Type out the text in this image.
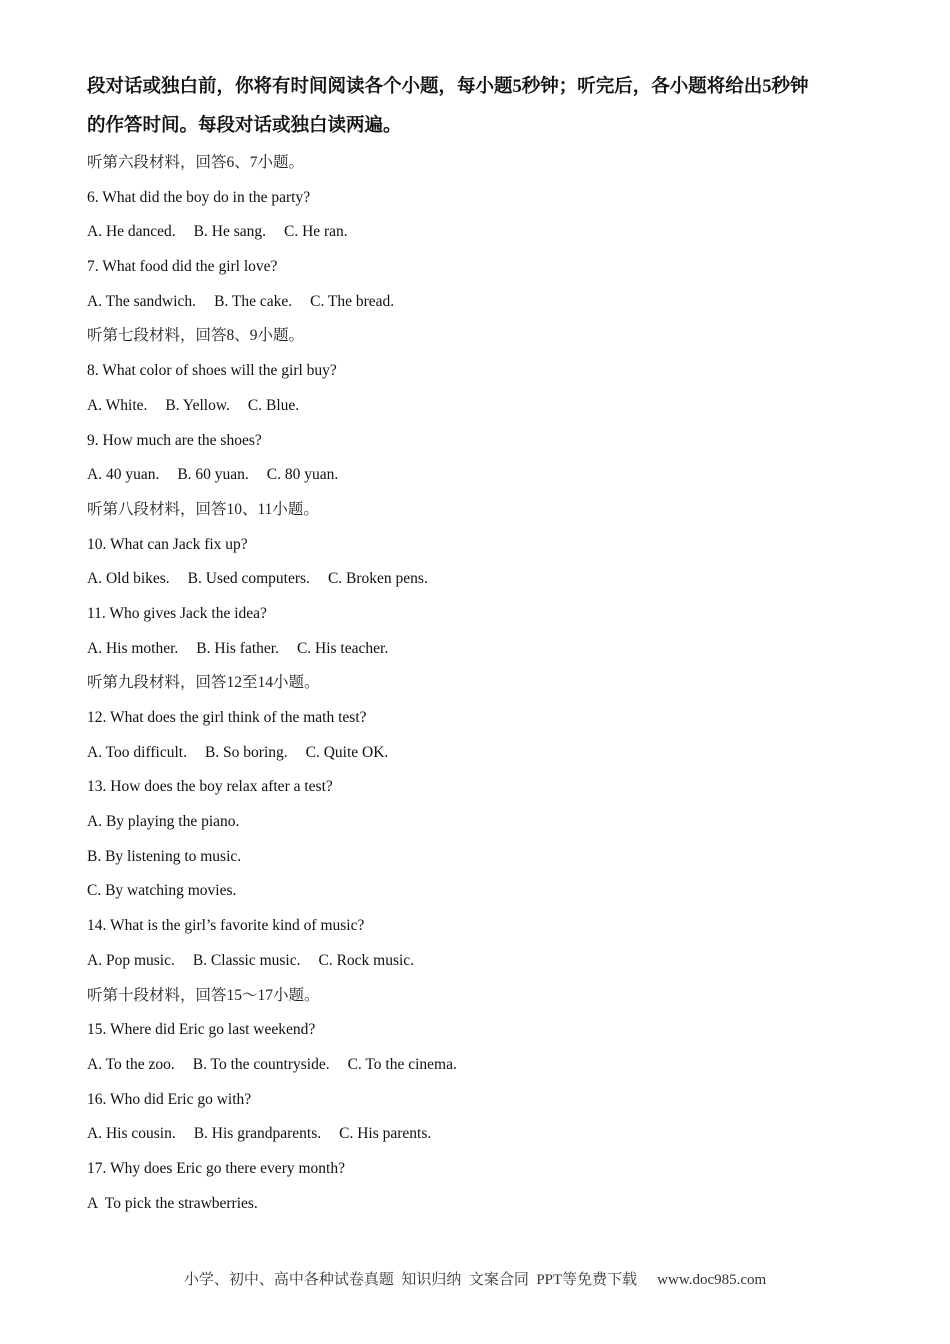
段对话或独白前，你将有时间阅读各个小题，每小题5秒钟；听完后，各小题将给出5秒钟
的作答时间。每段对话或独白读两遍。

听第六段材料，回答6、7小题。
6. What did the boy do in the party?
A. He danced. B. He sang. C. He ran.
7. What food did the girl love?
A. The sandwich. B. The cake. C. The bread.
听第七段材料，回答8、9小题。
8. What color of shoes will the girl buy?
A. White. B. Yellow. C. Blue.
9. How much are the shoes?
A. 40 yuan. B. 60 yuan. C. 80 yuan.
听第八段材料，回答10、11小题。
10. What can Jack fix up?
A. Old bikes. B. Used computers. C. Broken pens.
11. Who gives Jack the idea?
A. His mother. B. His father. C. His teacher.
听第九段材料，回答12至14小题。
12. What does the girl think of the math test?
A. Too difficult. B. So boring. C. Quite OK.
13. How does the boy relax after a test?
A. By playing the piano.
B. By listening to music.
C. By watching movies.
14. What is the girl’s favorite kind of music?
A. Pop music. B. Classic music. C. Rock music.
听第十段材料，回答15～17小题。
15. Where did Eric go last weekend?
A. To the zoo. B. To the countryside. C. To the cinema.
16. Who did Eric go with?
A. His cousin. B. His grandparents. C. His parents.
17. Why does Eric go there every month?
A  To pick the strawberries.
小学、初中、高中各种试卷真题  知识归纳  文案合同  PPT等免费下载 www.doc985.com
